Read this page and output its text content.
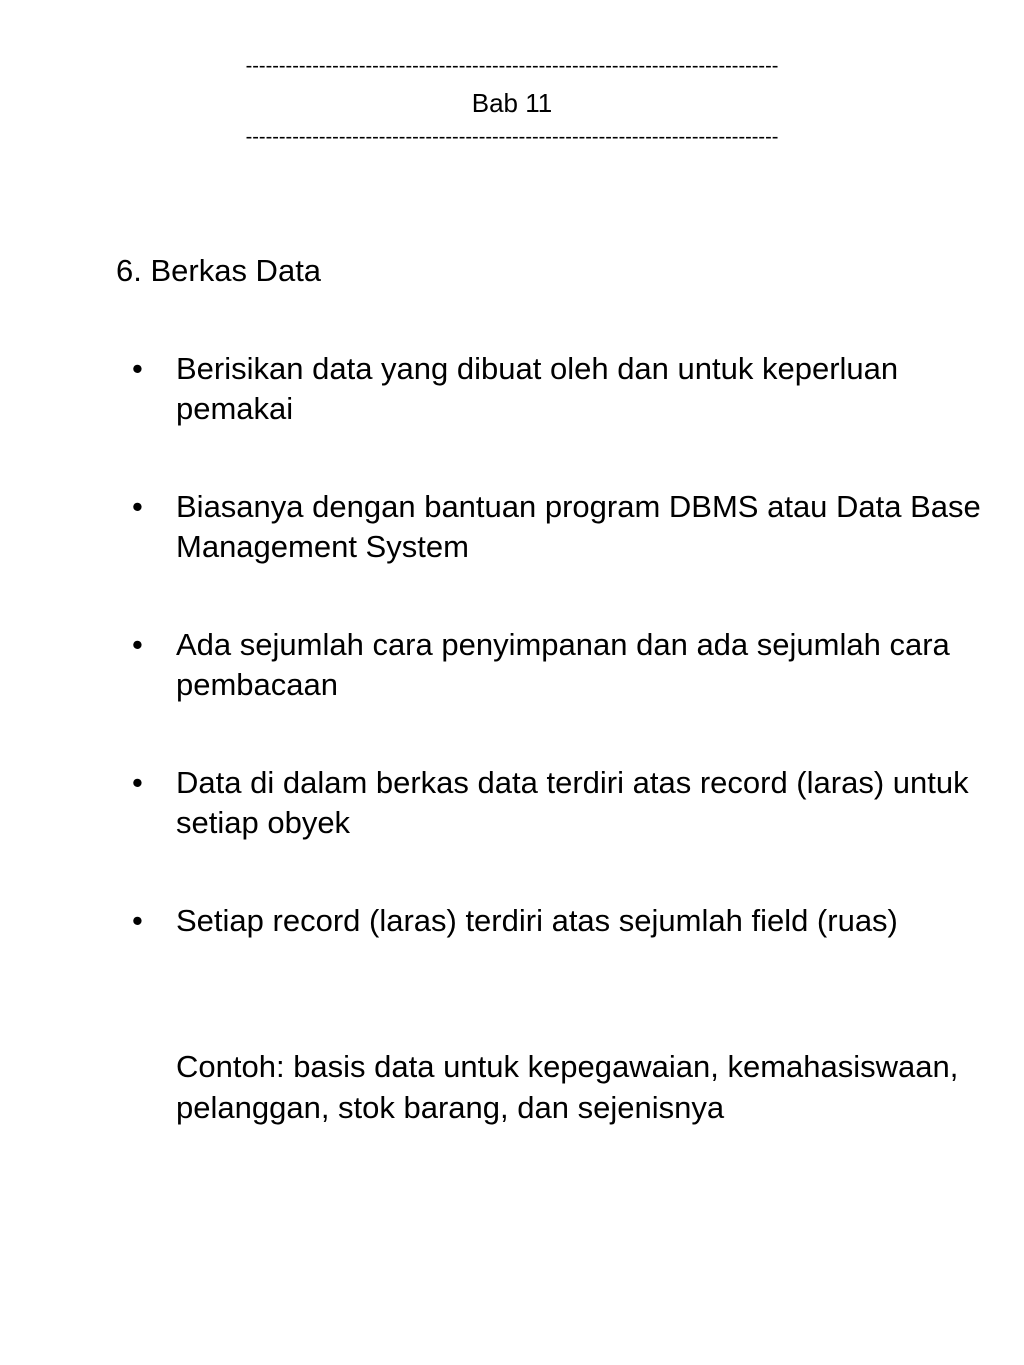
--------------------------------------------------------------------------------
Bab 11
--------------------------------------------------------------------------------
6. Berkas Data
• Berisikan data yang dibuat oleh dan untuk keperluan pemakai
• Biasanya dengan bantuan program DBMS atau Data Base Management System
• Ada sejumlah cara penyimpanan dan ada sejumlah cara pembacaan
• Data di dalam berkas data terdiri atas record (laras) untuk setiap obyek
• Setiap record (laras) terdiri atas sejumlah field (ruas)
Contoh: basis data untuk kepegawaian, kemahasiswaan, pelanggan, stok barang, dan sejenisnya
